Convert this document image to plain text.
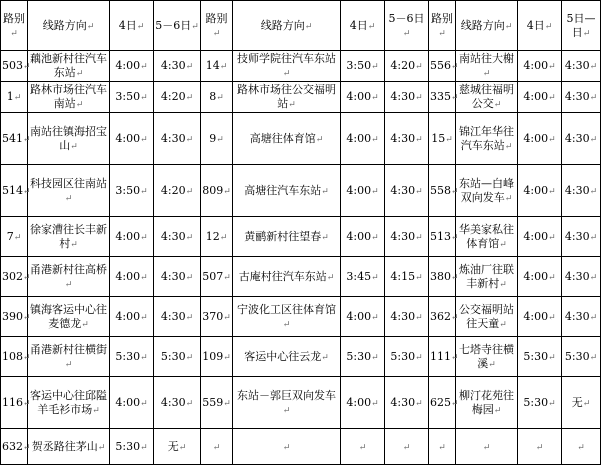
路别↵	线路方向↵	4日↵	5－6日↵	路别↵	线路方向↵	4日↵	5－6日↵	路别↵	线路方向↵	4日↵	5日—日↵
503↵	藕池新村往汽车东站↵	4:00↵	4:30↵	14↵	技师学院往汽车东站↵	3:50↵	4:20↵	556↵	南站往大榭↵	4:00↵	4:30↵
1↵	路林市场往汽车南站↵	3:50↵	4:20↵	8↵	路林市场往公交福明站↵	4:00↵	4:30↵	335↵	慈城往福明公交↵	4:00↵	4:30↵
541↵	南站往镇海招宝山↵	4:00↵	4:30↵	9↵	高塘往体育馆↵	4:00↵	4:30↵	15↵	锦江年华往汽车东站↵	4:00↵	4:30↵
514↵	科技园区往南站↵	3:50↵	4:20↵	809↵	高塘往汽车东站↵	4:00↵	4:30↵	558↵	东站—白峰双向发车↵	4:00↵	4:30↵
7↵	徐家漕往长丰新村↵	4:00↵	4:30↵	12↵	黄鹂新村往望春↵	4:00↵	4:30↵	513↵	华美家私往体育馆↵	4:00↵	4:30↵
302↵	甬港新村往高桥↵	4:00↵	4:30↵	507↵	古庵村往汽车东站↵	3:45↵	4:15↵	380↵	炼油厂往联丰新村↵	4:00↵	4:30↵
390↵	镇海客运中心往麦德龙↵	4:00↵	4:30↵	370↵	宁波化工区往体育馆↵	4:00↵	4:30↵	362↵	公交福明站往天童↵	4:00↵	4:30↵
108↵	甬港新村往横街↵	5:30↵	5:30↵	109↵	客运中心往云龙↵	5:30↵	5:30↵	111↵	七塔寺往横溪↵	5:30↵	5:30↵
116↵	客运中心往邱隘羊毛衫市场↵	4:00↵	4:30↵	559↵	东站－郭巨双向发车↵	4:00↵	4:30↵	625↵	柳汀花苑往梅园↵	5:30↵	无↵
632↵	贺丞路往茅山↵	5:30↵	无↵	↵	↵	↵	↵	↵	↵	↵	↵
